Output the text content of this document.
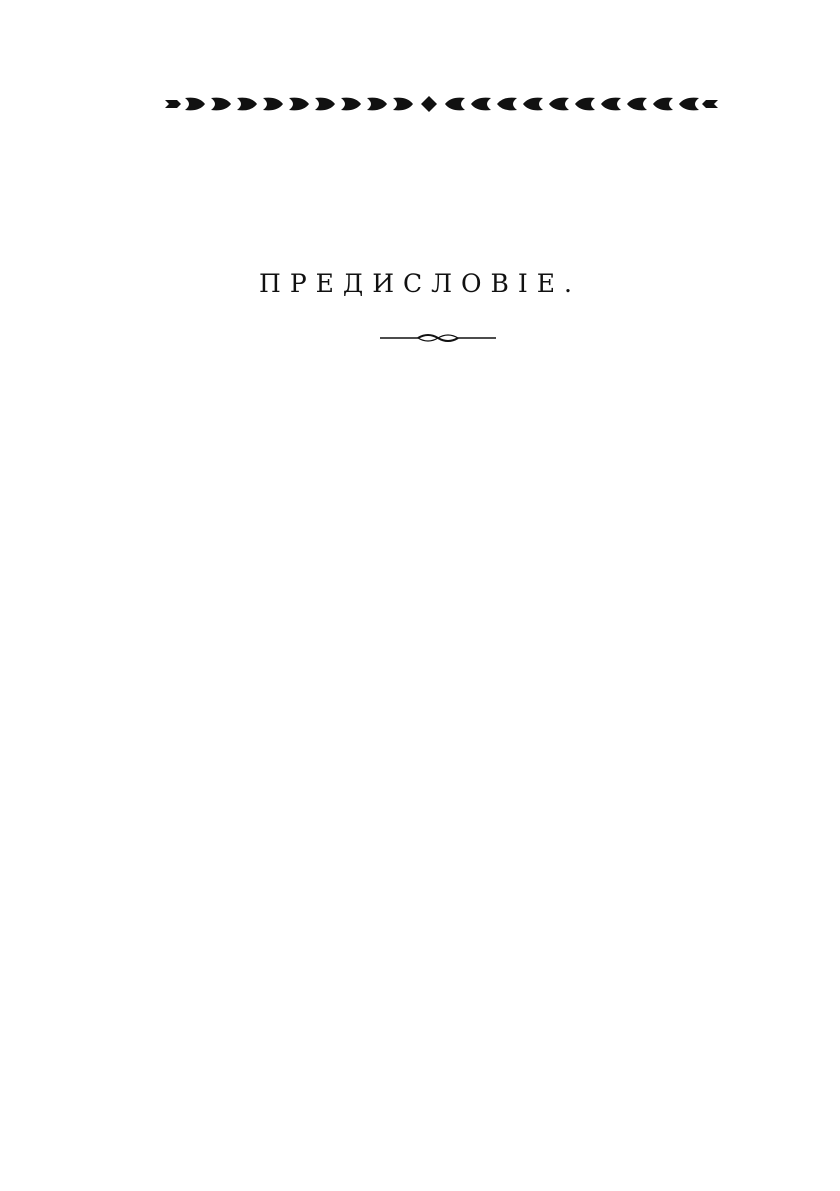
ПРЕДИСЛОВІЕ.
